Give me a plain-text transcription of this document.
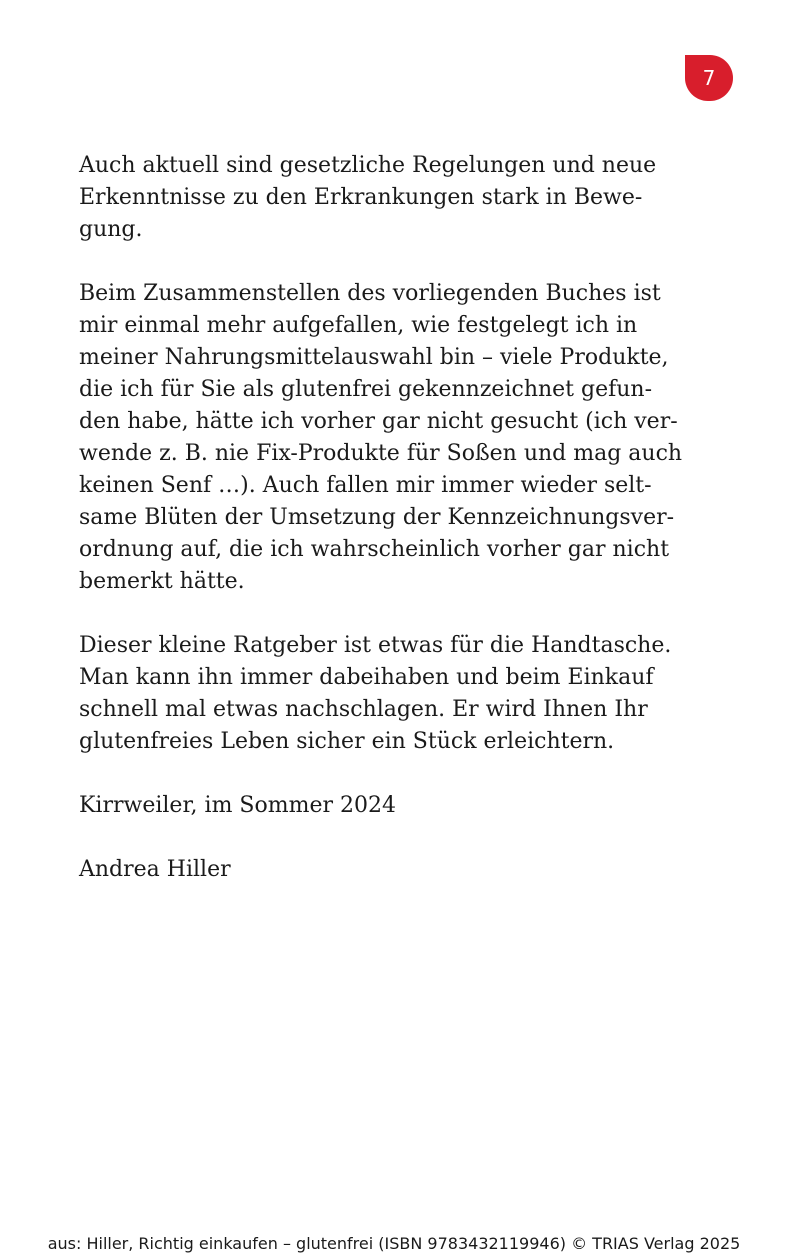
7

Auch aktuell sind gesetzliche Regelungen und neue
Erkenntnisse zu den Erkrankungen stark in Bewe-
gung.

Beim Zusammenstellen des vorliegenden Buches ist
mir einmal mehr aufgefallen, wie festgelegt ich in
meiner Nahrungsmittelauswahl bin – viele Produkte,
die ich für Sie als glutenfrei gekennzeichnet gefun-
den habe, hätte ich vorher gar nicht gesucht (ich ver-
wende z. B. nie Fix-Produkte für Soßen und mag auch
keinen Senf …). Auch fallen mir immer wieder selt-
same Blüten der Umsetzung der Kennzeichnungsver-
ordnung auf, die ich wahrscheinlich vorher gar nicht
bemerkt hätte.

Dieser kleine Ratgeber ist etwas für die Handtasche.
Man kann ihn immer dabeihaben und beim Einkauf
schnell mal etwas nachschlagen. Er wird Ihnen Ihr
glutenfreies Leben sicher ein Stück erleichtern.

Kirrweiler, im Sommer 2024

Andrea Hiller

aus: Hiller, Richtig einkaufen – glutenfrei (ISBN 9783432119946) © TRIAS Verlag 2025
